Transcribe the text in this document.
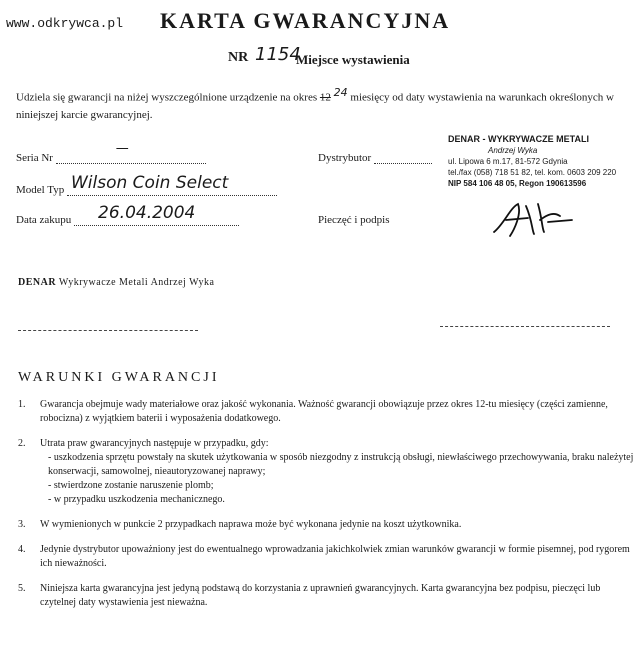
www.odkrywca.pl KARTA GWARANCYJNA
NR 1154
Miejsce wystawienia
Udziela się gwarancji na niżej wyszczególnione urządzenie na okres 12 $^{24}$ miesięcy od daty wystawienia na warunkach określonych w niniejszej karcie gwarancyjnej.
Seria Nr
—
Model Typ Wilson Coin Select
Data zakupu 26.04.2004
Dystrybutor
Pieczęć i podpis
DENAR - WYKRYWACZE METALI
Andrzej Wyka
ul. Lipowa 6 m.17, 81-572 Gdynia
tel./fax (058) 718 51 82, tel. kom. 0603 209 220
NIP 584 106 48 05, Regon 190613596
DENAR Wykrywacze Metali Andrzej Wyka
WARUNKI GWARANCJI
1.	Gwarancja obejmuje wady materiałowe oraz jakość wykonania. Ważność gwarancji obowiązuje przez okres 12-tu miesięcy (części zamienne, robocizna) z wyjątkiem baterii i wyposażenia dodatkowego.
2.	Utrata praw gwarancyjnych następuje w przypadku, gdy:
- uszkodzenia sprzętu powstały na skutek użytkowania w sposób niezgodny z instrukcją obsługi, niewłaściwego przechowywania, braku należytej konserwacji, samowolnej, nieautoryzowanej naprawy;
- stwierdzone zostanie naruszenie plomb;
- w przypadku uszkodzenia mechanicznego.
3.	W wymienionych w punkcie 2 przypadkach naprawa może być wykonana jedynie na koszt użytkownika.
4.	Jedynie dystrybutor upoważniony jest do ewentualnego wprowadzania jakichkolwiek zmian warunków gwarancji w formie pisemnej, pod rygorem ich nieważności.
5.	Niniejsza karta gwarancyjna jest jedyną podstawą do korzystania z uprawnień gwarancyjnych. Karta gwarancyjna bez podpisu, pieczęci lub czytelnej daty wystawienia jest nieważna.
